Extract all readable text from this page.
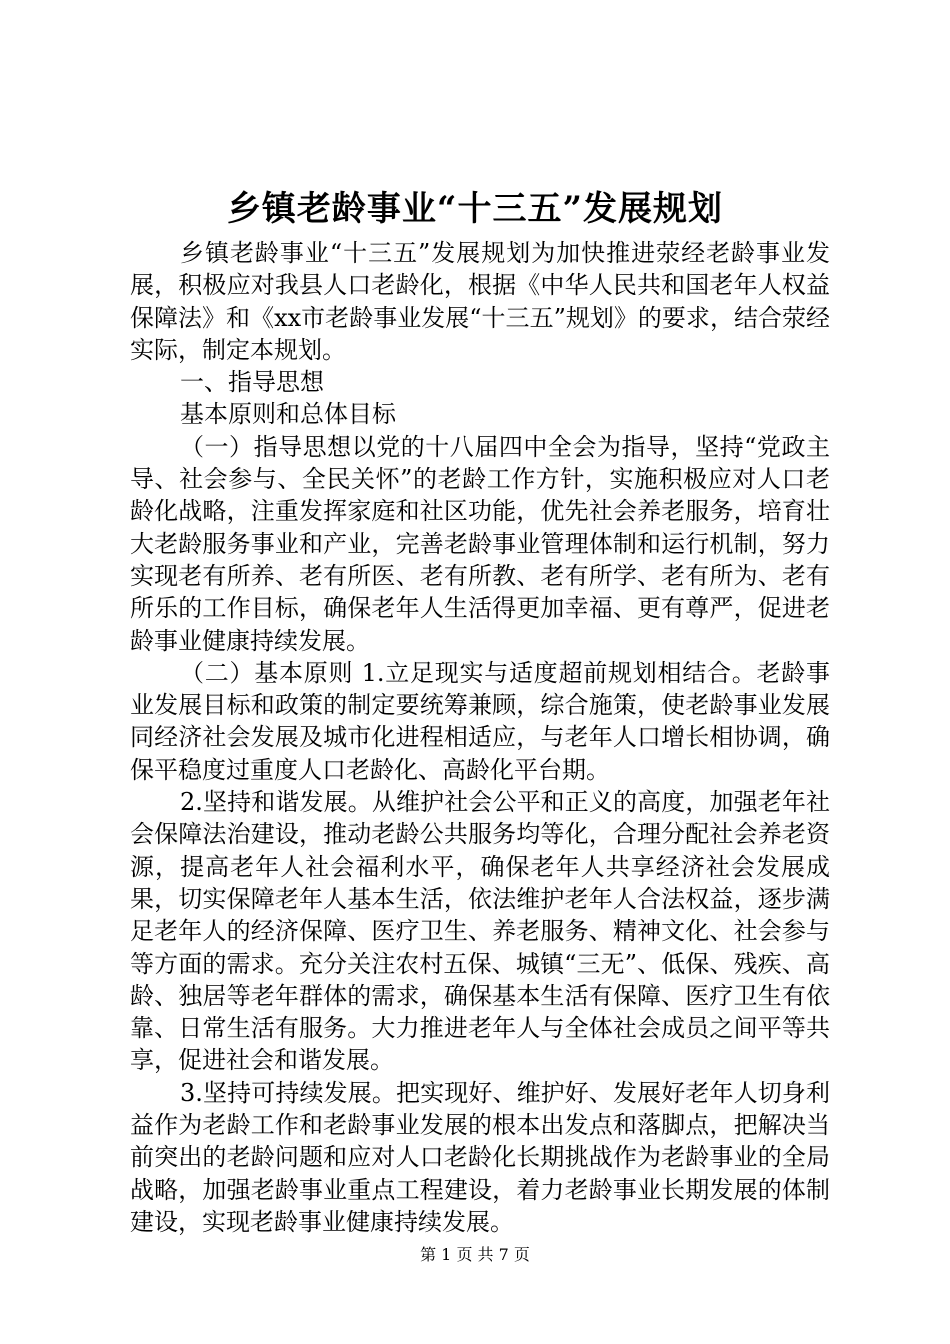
乡镇老龄事业“十三五”发展规划

乡镇老龄事业“十三五”发展规划为加快推进荥经老龄事业发展，积极应对我县人口老龄化，根据《中华人民共和国老年人权益保障法》和《xx市老龄事业发展“十三五”规划》的要求，结合荥经实际，制定本规划。

一、指导思想

基本原则和总体目标

（一）指导思想以党的十八届四中全会为指导，坚持“党政主导、社会参与、全民关怀”的老龄工作方针，实施积极应对人口老龄化战略，注重发挥家庭和社区功能，优先社会养老服务，培育壮大老龄服务事业和产业，完善老龄事业管理体制和运行机制，努力实现老有所养、老有所医、老有所教、老有所学、老有所为、老有所乐的工作目标，确保老年人生活得更加幸福、更有尊严，促进老龄事业健康持续发展。

（二）基本原则 1.立足现实与适度超前规划相结合。老龄事业发展目标和政策的制定要统筹兼顾，综合施策，使老龄事业发展同经济社会发展及城市化进程相适应，与老年人口增长相协调，确保平稳度过重度人口老龄化、高龄化平台期。

2.坚持和谐发展。从维护社会公平和正义的高度，加强老年社会保障法治建设，推动老龄公共服务均等化，合理分配社会养老资源，提高老年人社会福利水平，确保老年人共享经济社会发展成果，切实保障老年人基本生活，依法维护老年人合法权益，逐步满足老年人的经济保障、医疗卫生、养老服务、精神文化、社会参与等方面的需求。充分关注农村五保、城镇“三无”、低保、残疾、高龄、独居等老年群体的需求，确保基本生活有保障、医疗卫生有依靠、日常生活有服务。大力推进老年人与全体社会成员之间平等共享，促进社会和谐发展。

3.坚持可持续发展。把实现好、维护好、发展好老年人切身利益作为老龄工作和老龄事业发展的根本出发点和落脚点，把解决当前突出的老龄问题和应对人口老龄化长期挑战作为老龄事业的全局战略，加强老龄事业重点工程建设，着力老龄事业长期发展的体制建设，实现老龄事业健康持续发展。

第 1 页 共 7 页
